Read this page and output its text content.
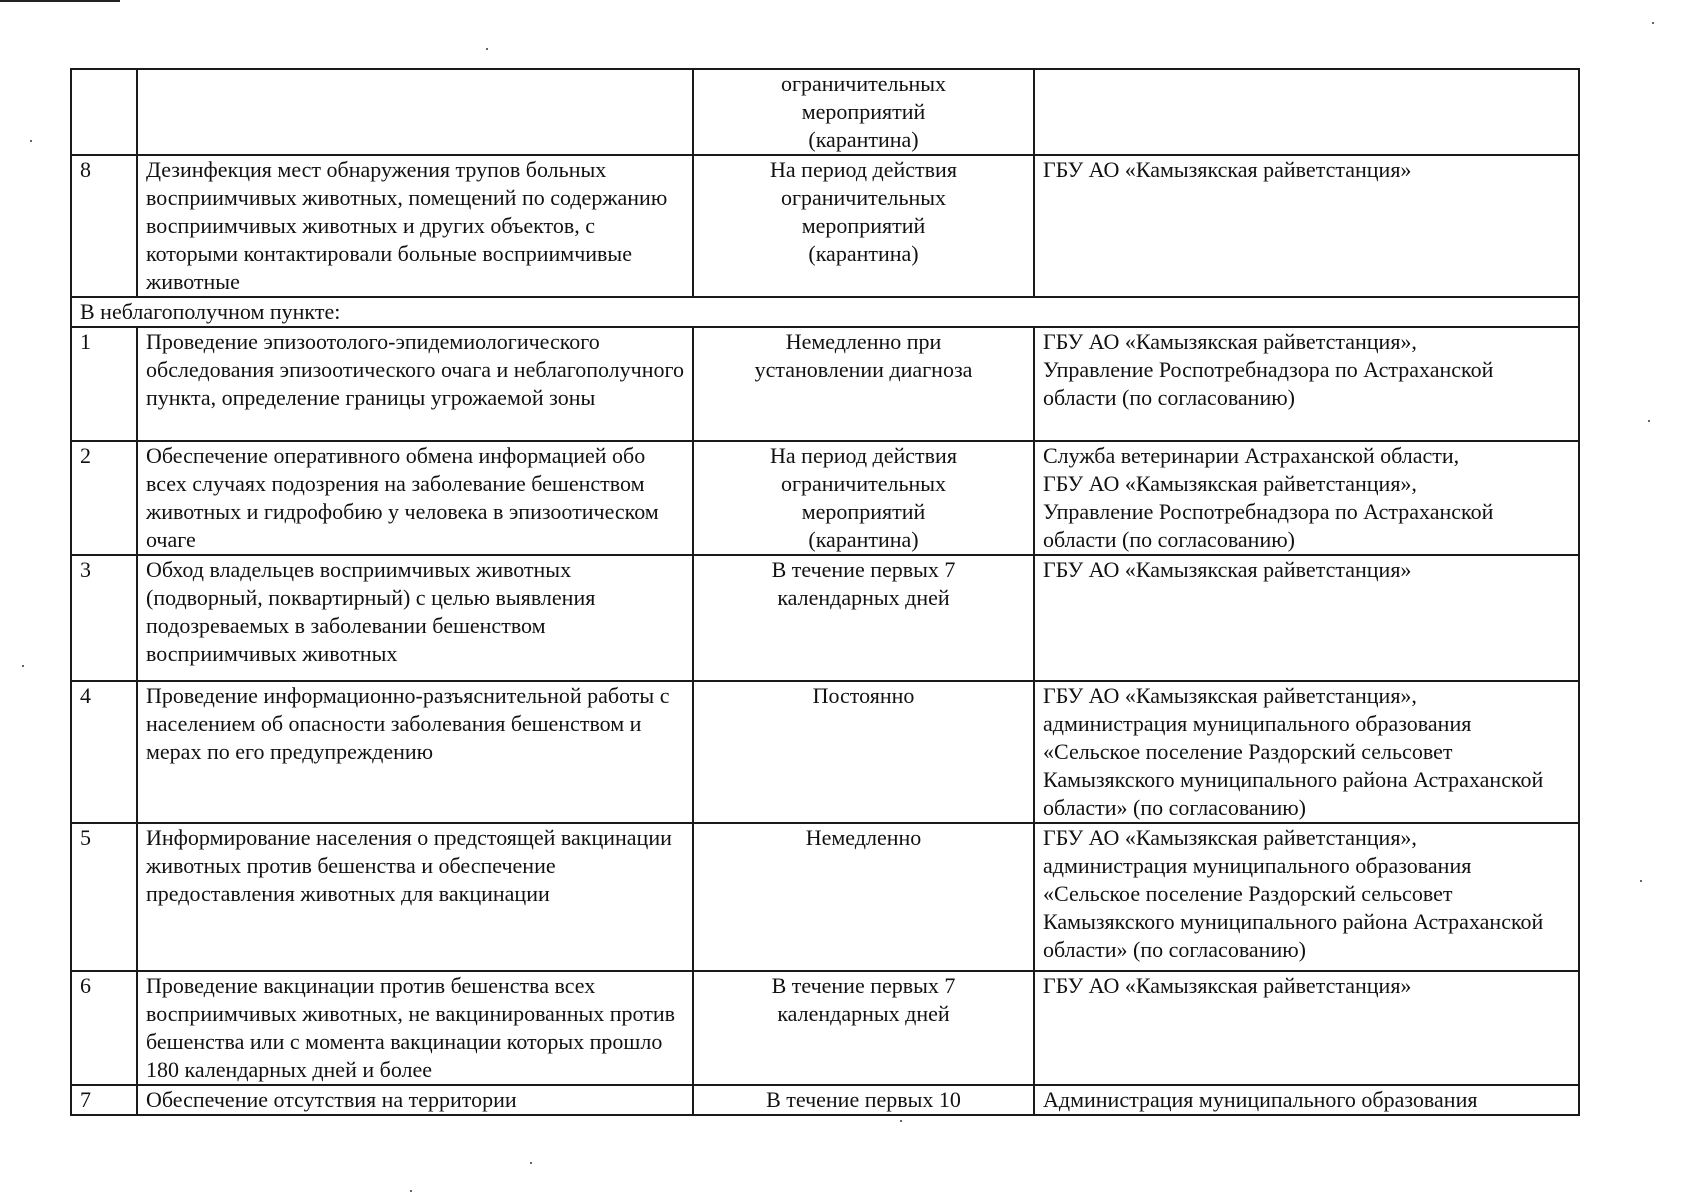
		ограничительных
мероприятий
(карантина)	
8	Дезинфекция мест обнаружения трупов больных восприимчивых животных, помещений по содержанию восприимчивых животных и других объектов, с которыми контактировали больные восприимчивые животные	На период действия
ограничительных
мероприятий
(карантина)	ГБУ АО «Камызякская райветстанция»
В неблагополучном пункте:			
1	Проведение эпизоотолого-эпидемиологического обследования эпизоотического очага и неблагополучного пункта, определение границы угрожаемой зоны	Немедленно при
установлении диагноза	ГБУ АО «Камызякская райветстанция»,
Управление Роспотребнадзора по Астраханской области (по согласованию)
2	Обеспечение оперативного обмена информацией обо всех случаях подозрения на заболевание бешенством животных и гидрофобию у человека в эпизоотическом очаге	На период действия
ограничительных
мероприятий
(карантина)	Служба ветеринарии Астраханской области,
ГБУ АО «Камызякская райветстанция»,
Управление Роспотребнадзора по Астраханской области (по согласованию)
3	Обход владельцев восприимчивых животных (подворный, поквартирный) с целью выявления подозреваемых в заболевании бешенством восприимчивых животных	В течение первых 7
календарных дней	ГБУ АО «Камызякская райветстанция»
4	Проведение информационно-разъяснительной работы с населением об опасности заболевания бешенством и мерах по его предупреждению	Постоянно	ГБУ АО «Камызякская райветстанция»,
администрация муниципального образования «Сельское поселение Раздорский сельсовет Камызякского муниципального района Астраханской области» (по согласованию)
5	Информирование населения о предстоящей вакцинации животных против бешенства и обеспечение предоставления животных для вакцинации	Немедленно	ГБУ АО «Камызякская райветстанция»,
администрация муниципального образования «Сельское поселение Раздорский сельсовет Камызякского муниципального района Астраханской области» (по согласованию)
6	Проведение вакцинации против бешенства всех восприимчивых животных, не вакцинированных против бешенства или с момента вакцинации которых прошло 180 календарных дней и более	В течение первых 7
календарных дней	ГБУ АО «Камызякская райветстанция»
7	Обеспечение отсутствия на территории	В течение первых 10	Администрация муниципального образования
